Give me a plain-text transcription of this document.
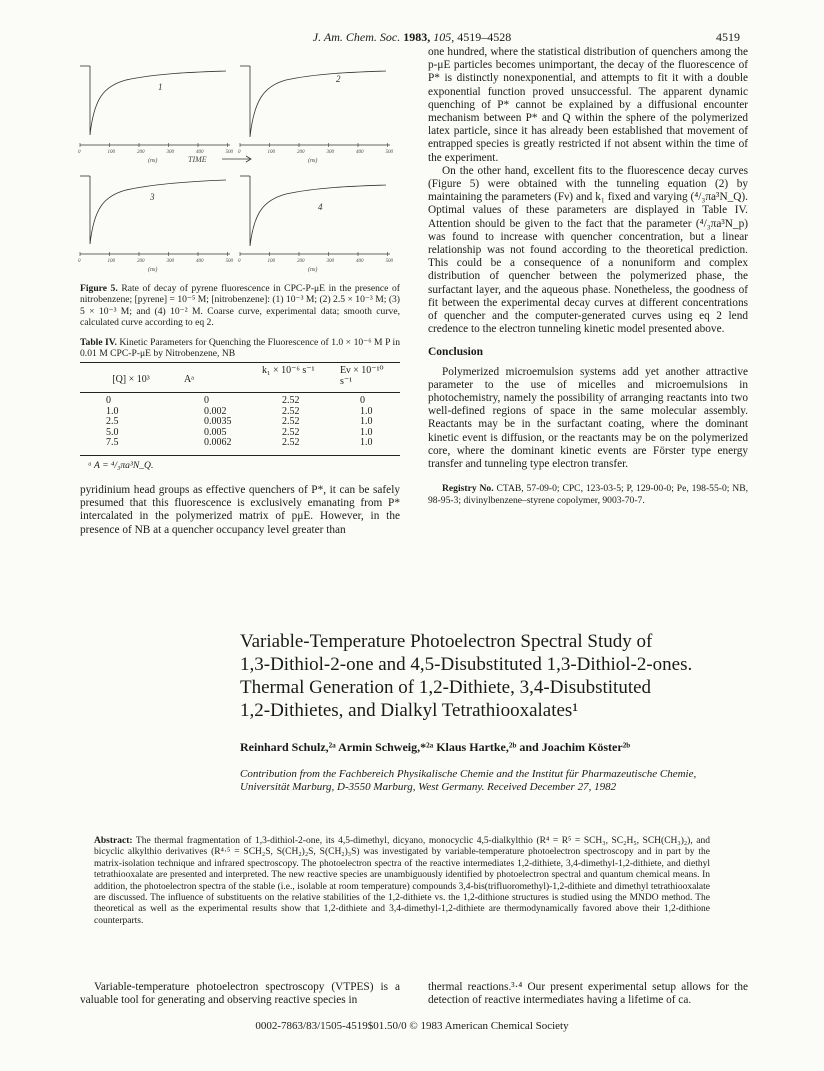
J. Am. Chem. Soc. 1983, 105, 4519–4528	4519
1
2
3
4
0	100	200	300	400	500 0	100	200	300	400	500
0	100	200	300	400	500 0	100	200	300	400	500
(ns)	(ns)
(ns)	(ns)
TIME
Figure 5. Rate of decay of pyrene fluorescence in CPC-P-μE in the presence of nitrobenzene; [pyrene] = 10⁻⁵ M; [nitrobenzene]: (1) 10⁻³ M; (2) 2.5 × 10⁻³ M; (3) 5 × 10⁻³ M; and (4) 10⁻² M. Coarse curve, experimental data; smooth curve, calculated curve according to eq 2.
Table IV. Kinetic Parameters for Quenching the Fluorescence of 1.0 × 10⁻⁶ M P in 0.01 M CPC-P-μE by Nitrobenzene, NB
[Q] × 10³	Aᵃ	k₁ × 10⁻⁶ s⁻¹	Eν × 10⁻¹⁰ s⁻¹
0	0	2.52	0
1.0	0.002	2.52	1.0
2.5	0.0035	2.52	1.0
5.0	0.005	2.52	1.0
7.5	0.0062	2.52	1.0
ᵃ A = ⁴/₃πa³N_Q.

pyridinium head groups as effective quenchers of P*, it can be safely presumed that this fluorescence is exclusively emanating from P* intercalated in the polymerized matrix of pμE. However, in the presence of NB at a quencher occupancy level greater than

one hundred, where the statistical distribution of quenchers among the p-μE particles becomes unimportant, the decay of the fluorescence of P* is distinctly nonexponential, and attempts to fit it with a double exponential function proved unsuccessful. The apparent dynamic quenching of P* cannot be explained by a diffusional encounter mechanism between P* and Q within the sphere of the polymerized latex particle, since it has already been established that movement of entrapped species is greatly restricted if not absent within the time of the experiment.

On the other hand, excellent fits to the fluorescence decay curves (Figure 5) were obtained with the tunneling equation (2) by maintaining the parameters (Fν) and k₁ fixed and varying (⁴/₃πa³N_Q). Optimal values of these parameters are displayed in Table IV. Attention should be given to the fact that the parameter (⁴/₃πa³N_p) was found to increase with quencher concentration, but a linear relationship was not found according to the theoretical prediction. This could be a consequence of a nonuniform and complex distribution of quencher between the polymerized phase, the surfactant layer, and the aqueous phase. Nonetheless, the goodness of fit between the experimental decay curves at different concentrations of quencher and the computer-generated curves using eq 2 lend credence to the electron tunneling kinetic model presented above.

Conclusion

Polymerized microemulsion systems add yet another attractive parameter to the use of micelles and microemulsions in photochemistry, namely the possibility of arranging reactants into two well-defined regions of space in the same molecular assembly. Reactants may be in the surfactant coating, where the dominant kinetic event is diffusion, or the reactants may be on the polymerized core, where the dominant kinetic events are Förster type energy transfer and tunneling type electron transfer.

Registry No. CTAB, 57-09-0; CPC, 123-03-5; P, 129-00-0; Pe, 198-55-0; NB, 98-95-3; divinylbenzene–styrene copolymer, 9003-70-7.

Variable-Temperature Photoelectron Spectral Study of
1,3-Dithiol-2-one and 4,5-Disubstituted 1,3-Dithiol-2-ones.
Thermal Generation of 1,2-Dithiete, 3,4-Disubstituted
1,2-Dithietes, and Dialkyl Tetrathiooxalates¹
Reinhard Schulz,²ᵃ Armin Schweig,*²ᵃ Klaus Hartke,²ᵇ and Joachim Köster²ᵇ
Contribution from the Fachbereich Physikalische Chemie and the Institut für Pharmazeutische Chemie, Universität Marburg, D-3550 Marburg, West Germany. Received December 27, 1982
Abstract: The thermal fragmentation of 1,3-dithiol-2-one, its 4,5-dimethyl, dicyano, monocyclic 4,5-dialkylthio (R⁴ = R⁵ = SCH₃, SC₂H₅, SCH(CH₃)₂), and bicyclic alkylthio derivatives (R⁴·⁵ = SCH₂S, S(CH₂)₂S, S(CH₂)₃S) was investigated by variable-temperature photoelectron spectroscopy and in part by the matrix-isolation technique and infrared spectroscopy. The photoelectron spectra of the reactive intermediates 1,2-dithiete, 3,4-dimethyl-1,2-dithiete, and diethyl tetrathiooxalate are presented and interpreted. The new reactive species are unambiguously identified by photoelectron spectral and quantum chemical means. In addition, the photoelectron spectra of the stable (i.e., isolable at room temperature) compounds 3,4-bis(trifluoromethyl)-1,2-dithiete and dimethyl tetrathiooxalate are discussed. The influence of substituents on the relative stabilities of the 1,2-dithiete vs. the 1,2-dithione structures is studied using the MNDO method. The theoretical as well as the experimental results show that 1,2-dithiete and 3,4-dimethyl-1,2-dithiete are thermodynamically favored above their 1,2-dithione counterparts.

Variable-temperature photoelectron spectroscopy (VTPES) is a valuable tool for generating and observing reactive species in

thermal reactions.³·⁴ Our present experimental setup allows for the detection of reactive intermediates having a lifetime of ca.

0002-7863/83/1505-4519$01.50/0 © 1983 American Chemical Society
